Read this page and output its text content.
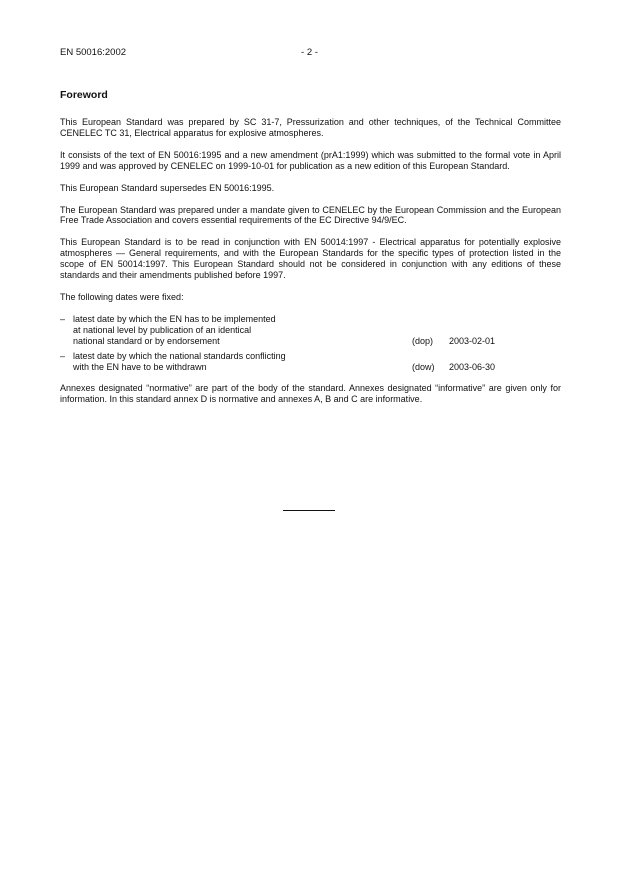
EN 50016:2002	- 2 -
Foreword

This European Standard was prepared by SC 31-7, Pressurization and other techniques, of the Technical Committee CENELEC TC 31, Electrical apparatus for explosive atmospheres.

It consists of the text of EN 50016:1995 and a new amendment (prA1:1999) which was submitted to the formal vote in April 1999 and was approved by CENELEC on 1999-10-01 for publication as a new edition of this European Standard.

This European Standard supersedes EN 50016:1995.

The European Standard was prepared under a mandate given to CENELEC by the European Commission and the European Free Trade Association and covers essential requirements of the EC Directive 94/9/EC.

This European Standard is to be read in conjunction with EN 50014:1997 - Electrical apparatus for potentially explosive atmospheres — General requirements, and with the European Standards for the specific types of protection listed in the scope of EN 50014:1997. This European Standard should not be considered in conjunction with any editions of these standards and their amendments published before 1997.

The following dates were fixed:

– latest date by which the EN has to be implemented
at national level by publication of an identical
national standard or by endorsement	(dop) 2003-02-01
– latest date by which the national standards conflicting
with the EN have to be withdrawn	(dow) 2003-06-30

Annexes designated “normative” are part of the body of the standard. Annexes designated “informative” are given only for information. In this standard annex D is normative and annexes A, B and C are informative.
